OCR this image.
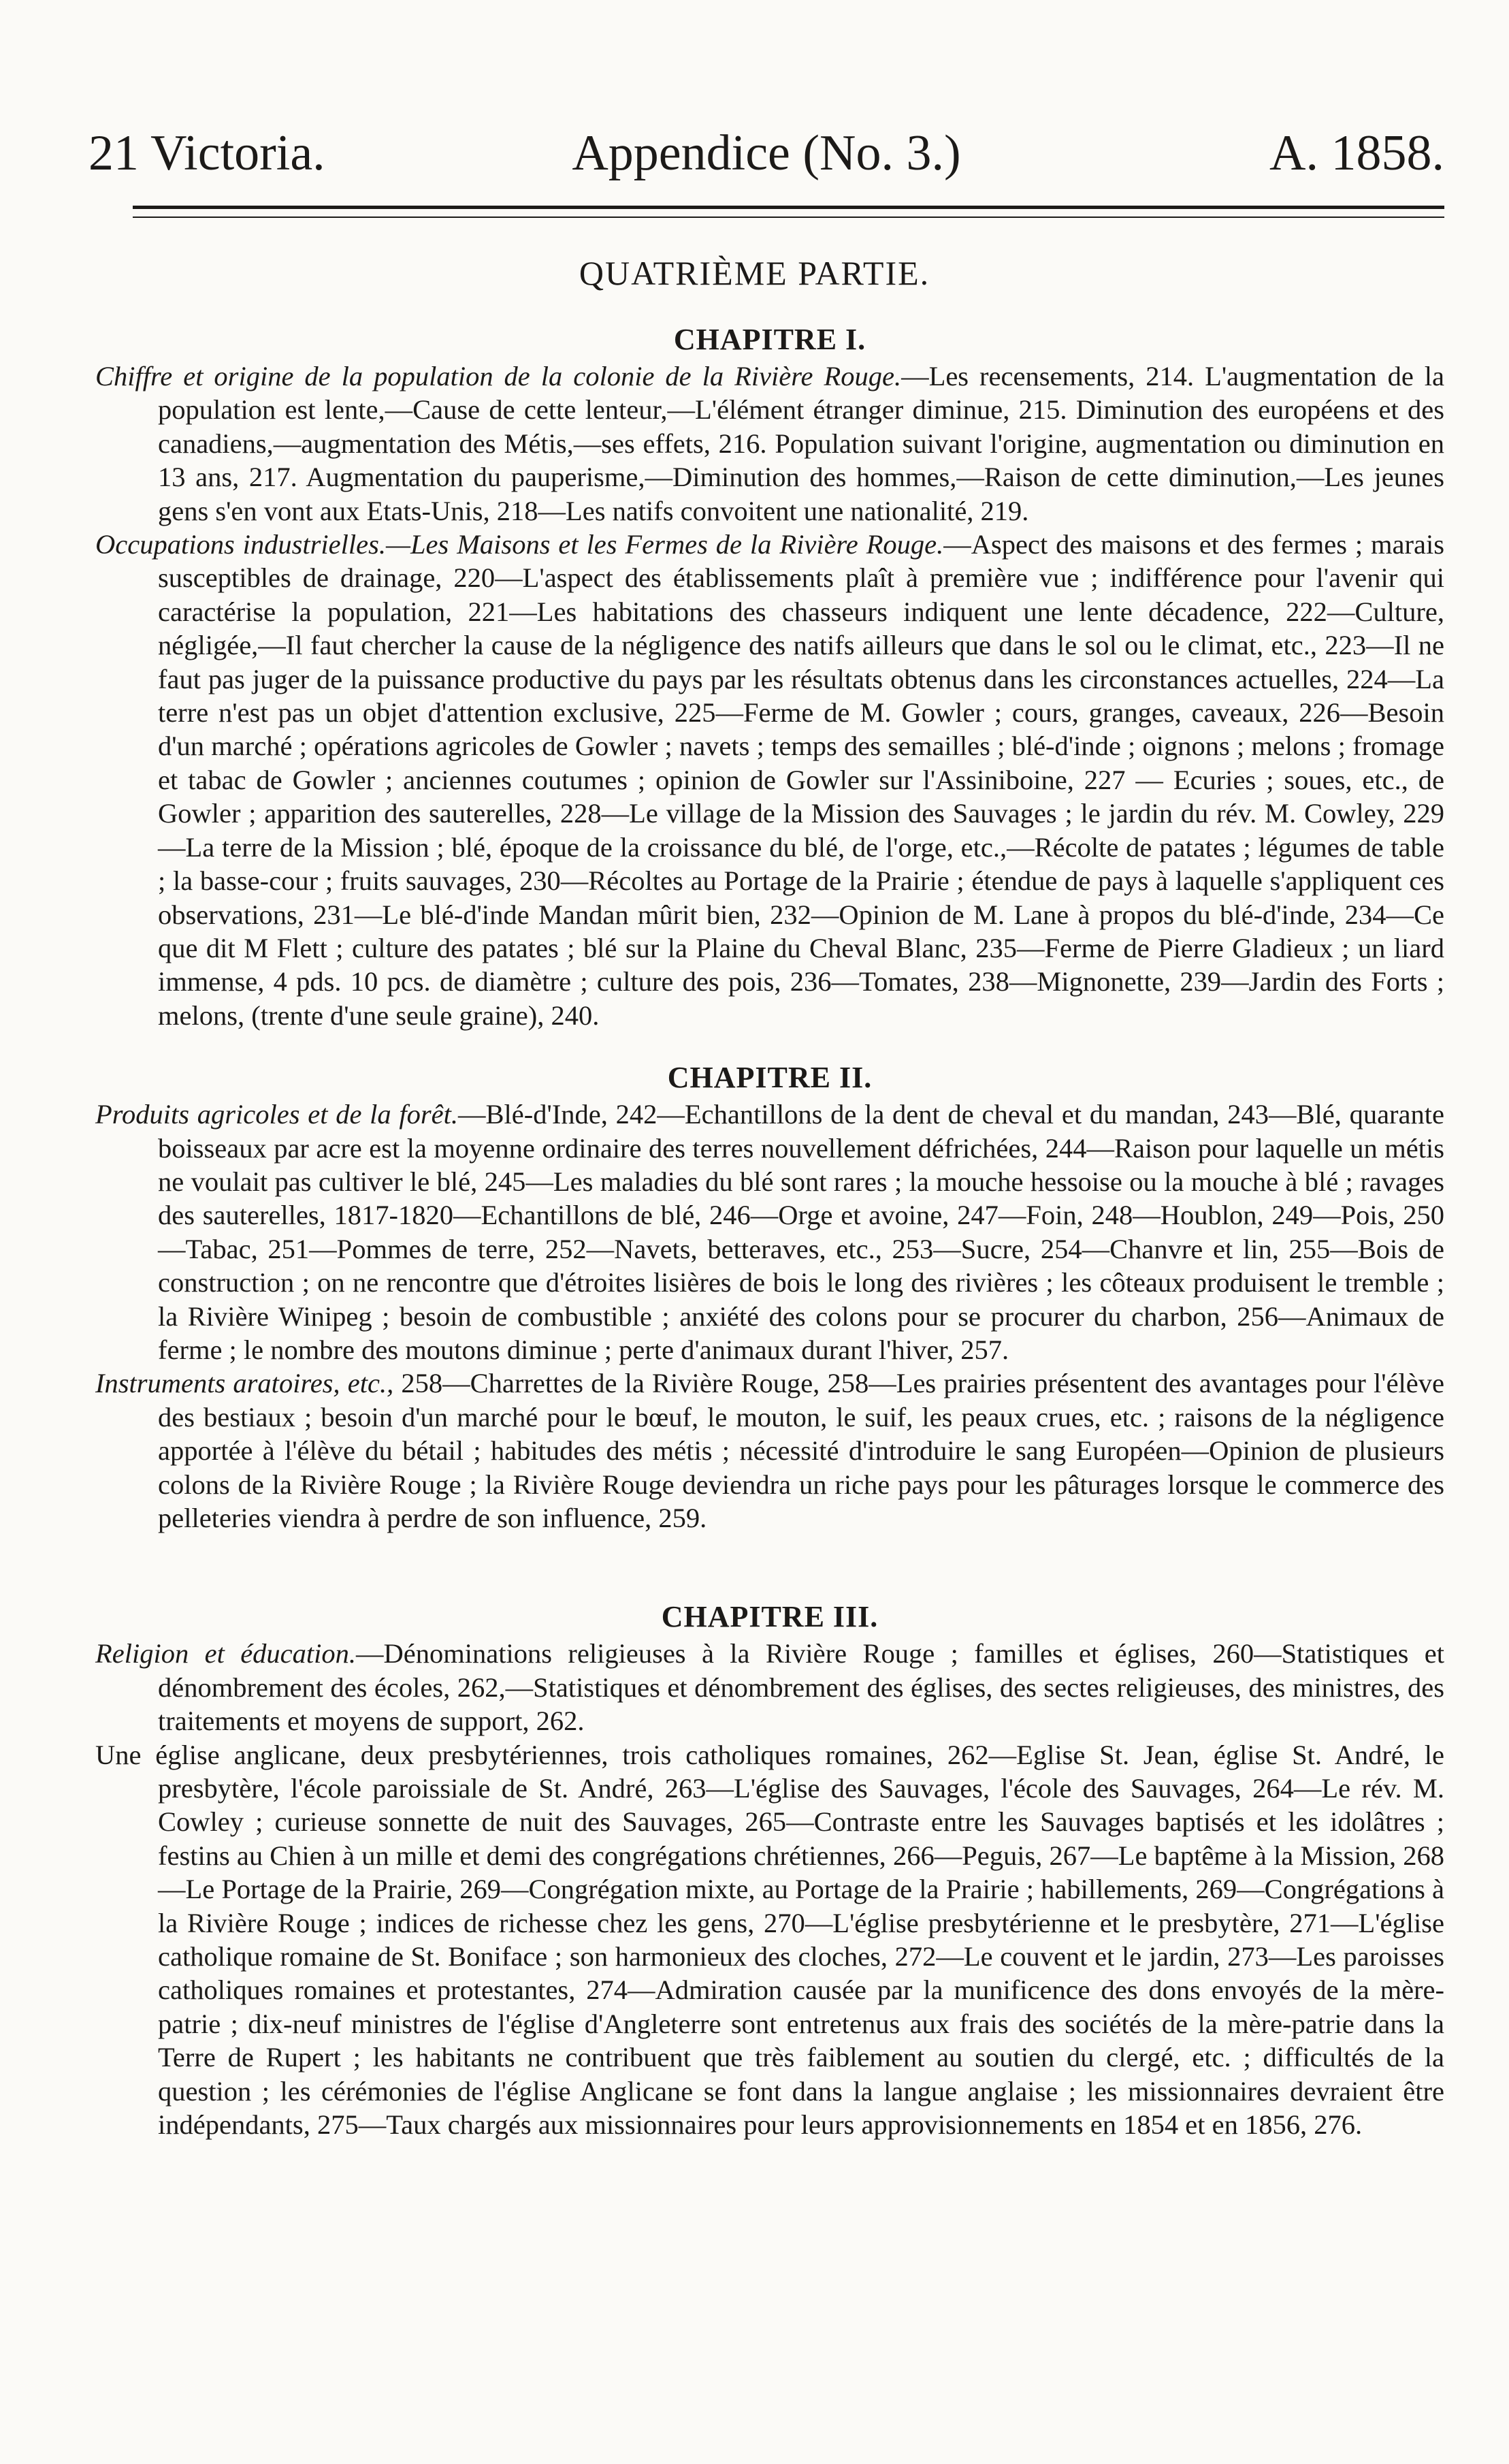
21 Victoria.	Appendice (No. 3.)	A. 1858.
QUATRIÈME PARTIE.
CHAPITRE I.

Chiffre et origine de la population de la colonie de la Rivière Rouge.—Les recensements, 214. L'augmentation de la population est lente,—Cause de cette lenteur,—L'élément étranger diminue, 215. Diminution des européens et des canadiens,—augmentation des Métis,—ses effets, 216. Population suivant l'origine, augmentation ou diminution en 13 ans, 217. Augmentation du pauperisme,—Diminution des hommes,—Raison de cette diminution,—Les jeunes gens s'en vont aux Etats-Unis, 218—Les natifs convoitent une nationalité, 219.

Occupations industrielles.—Les Maisons et les Fermes de la Rivière Rouge.—Aspect des maisons et des fermes ; marais susceptibles de drainage, 220—L'aspect des établissements plaît à première vue ; indifférence pour l'avenir qui caractérise la population, 221—Les habitations des chasseurs indiquent une lente décadence, 222—Culture, négligée,—Il faut chercher la cause de la négligence des natifs ailleurs que dans le sol ou le climat, etc., 223—Il ne faut pas juger de la puissance productive du pays par les résultats obtenus dans les circonstances actuelles, 224—La terre n'est pas un objet d'attention exclusive, 225—Ferme de M. Gowler ; cours, granges, caveaux, 226—Besoin d'un marché ; opérations agricoles de Gowler ; navets ; temps des semailles ; blé-d'inde ; oignons ; melons ; fromage et tabac de Gowler ; anciennes coutumes ; opinion de Gowler sur l'Assiniboine, 227 — Ecuries ; soues, etc., de Gowler ; apparition des sauterelles, 228—Le village de la Mission des Sauvages ; le jardin du rév. M. Cowley, 229—La terre de la Mission ; blé, époque de la croissance du blé, de l'orge, etc.,—Récolte de patates ; légumes de table ; la basse-cour ; fruits sauvages, 230—Récoltes au Portage de la Prairie ; étendue de pays à laquelle s'appliquent ces observations, 231—Le blé-d'inde Mandan mûrit bien, 232—Opinion de M. Lane à propos du blé-d'inde, 234—Ce que dit M Flett ; culture des patates ; blé sur la Plaine du Cheval Blanc, 235—Ferme de Pierre Gladieux ; un liard immense, 4 pds. 10 pcs. de diamètre ; culture des pois, 236—Tomates, 238—Mignonette, 239—Jardin des Forts ; melons, (trente d'une seule graine), 240.

CHAPITRE II.

Produits agricoles et de la forêt.—Blé-d'Inde, 242—Echantillons de la dent de cheval et du mandan, 243—Blé, quarante boisseaux par acre est la moyenne ordinaire des terres nouvellement défrichées, 244—Raison pour laquelle un métis ne voulait pas cultiver le blé, 245—Les maladies du blé sont rares ; la mouche hessoise ou la mouche à blé ; ravages des sauterelles, 1817-1820—Echantillons de blé, 246—Orge et avoine, 247—Foin, 248—Houblon, 249—Pois, 250—Tabac, 251—Pommes de terre, 252—Navets, betteraves, etc., 253—Sucre, 254—Chanvre et lin, 255—Bois de construction ; on ne rencontre que d'étroites lisières de bois le long des rivières ; les côteaux produisent le tremble ; la Rivière Winipeg ; besoin de combustible ; anxiété des colons pour se procurer du charbon, 256—Animaux de ferme ; le nombre des moutons diminue ; perte d'animaux durant l'hiver, 257.

Instruments aratoires, etc., 258—Charrettes de la Rivière Rouge, 258—Les prairies présentent des avantages pour l'élève des bestiaux ; besoin d'un marché pour le bœuf, le mouton, le suif, les peaux crues, etc. ; raisons de la négligence apportée à l'élève du bétail ; habitudes des métis ; nécessité d'introduire le sang Européen—Opinion de plusieurs colons de la Rivière Rouge ; la Rivière Rouge deviendra un riche pays pour les pâturages lorsque le commerce des pelleteries viendra à perdre de son influence, 259.

CHAPITRE III.

Religion et éducation.—Dénominations religieuses à la Rivière Rouge ; familles et églises, 260—Statistiques et dénombrement des écoles, 262,—Statistiques et dénombrement des églises, des sectes religieuses, des ministres, des traitements et moyens de support, 262.

Une église anglicane, deux presbytériennes, trois catholiques romaines, 262—Eglise St. Jean, église St. André, le presbytère, l'école paroissiale de St. André, 263—L'église des Sauvages, l'école des Sauvages, 264—Le rév. M. Cowley ; curieuse sonnette de nuit des Sauvages, 265—Contraste entre les Sauvages baptisés et les idolâtres ; festins au Chien à un mille et demi des congrégations chrétiennes, 266—Peguis, 267—Le baptême à la Mission, 268—Le Portage de la Prairie, 269—Congrégation mixte, au Portage de la Prairie ; habillements, 269—Congrégations à la Rivière Rouge ; indices de richesse chez les gens, 270—L'église presbytérienne et le presbytère, 271—L'église catholique romaine de St. Boniface ; son harmonieux des cloches, 272—Le couvent et le jardin, 273—Les paroisses catholiques romaines et protestantes, 274—Admiration causée par la munificence des dons envoyés de la mère-patrie ; dix-neuf ministres de l'église d'Angleterre sont entretenus aux frais des sociétés de la mère-patrie dans la Terre de Rupert ; les habitants ne contribuent que très faiblement au soutien du clergé, etc. ; difficultés de la question ; les cérémonies de l'église Anglicane se font dans la langue anglaise ; les missionnaires devraient être indépendants, 275—Taux chargés aux missionnaires pour leurs approvisionnements en 1854 et en 1856, 276.
